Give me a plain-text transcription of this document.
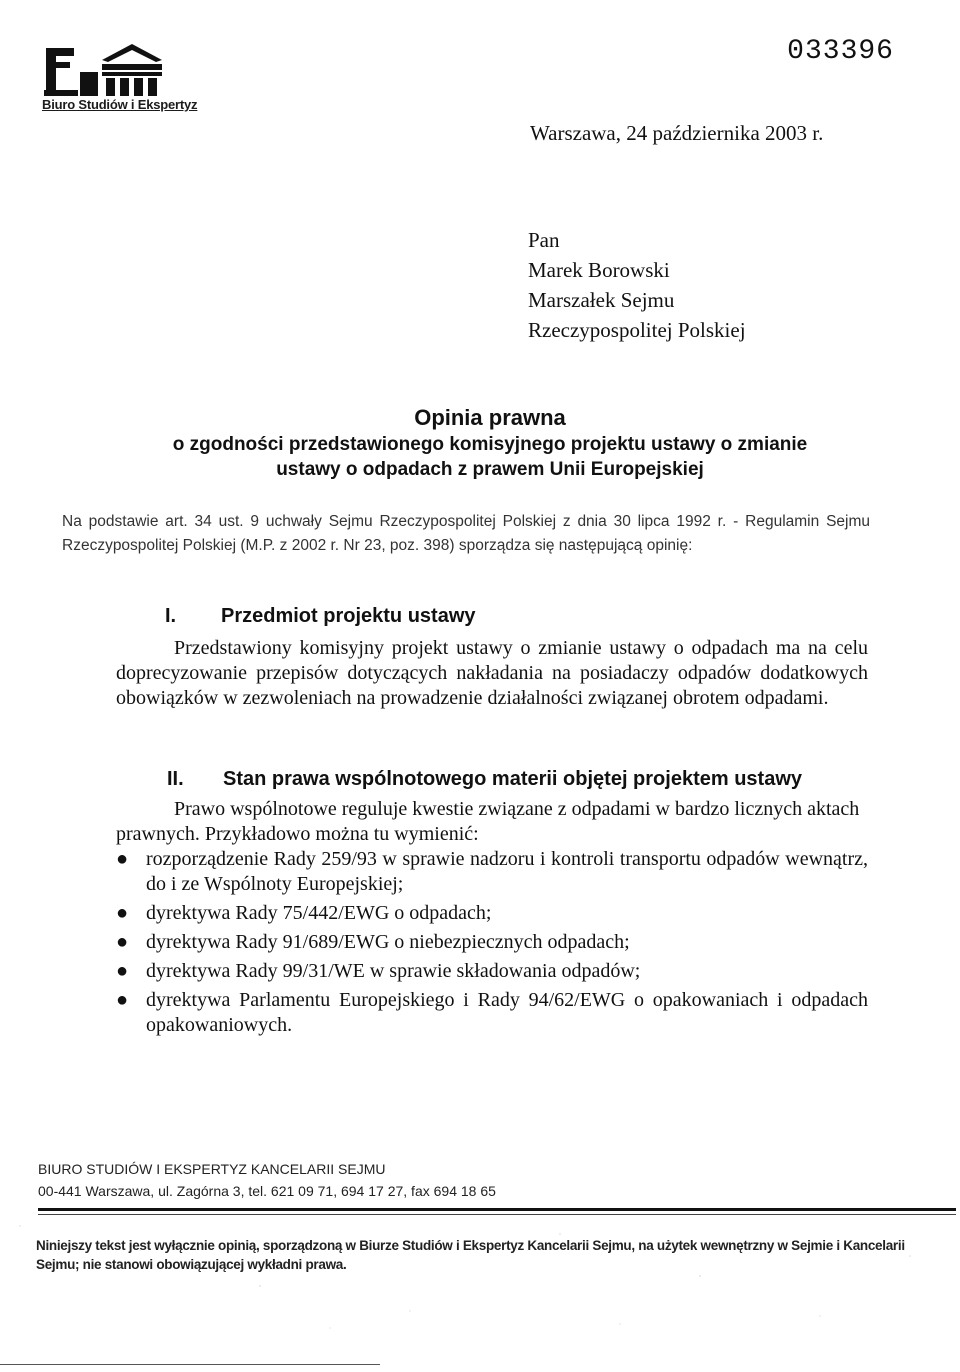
Biuro Studiów i Ekspertyz
033396
Warszawa, 24 października 2003 r.
Pan
Marek Borowski
Marszałek Sejmu
Rzeczypospolitej Polskiej
Opinia prawna
o zgodności przedstawionego komisyjnego projektu ustawy o zmianie ustawy o odpadach z prawem Unii Europejskiej
Na podstawie art. 34 ust. 9 uchwały Sejmu Rzeczypospolitej Polskiej z dnia 30 lipca 1992 r. - Regulamin Sejmu Rzeczypospolitej Polskiej (M.P. z 2002 r. Nr 23, poz. 398) sporządza się następującą opinię:
I. Przedmiot projektu ustawy
Przedstawiony komisyjny projekt ustawy o zmianie ustawy o odpadach ma na celu doprecyzowanie przepisów dotyczących nakładania na posiadaczy odpadów dodatkowych obowiązków w zezwoleniach na prowadzenie działalności związanej obrotem odpadami.
II. Stan prawa wspólnotowego materii objętej projektem ustawy
Prawo wspólnotowe reguluje kwestie związane z odpadami w bardzo licznych aktach prawnych. Przykładowo można tu wymienić:
● rozporządzenie Rady 259/93 w sprawie nadzoru i kontroli transportu odpadów wewnątrz, do i ze Wspólnoty Europejskiej;
● dyrektywa Rady 75/442/EWG o odpadach;
● dyrektywa Rady 91/689/EWG o niebezpiecznych odpadach;
● dyrektywa Rady 99/31/WE w sprawie składowania odpadów;
● dyrektywa Parlamentu Europejskiego i Rady 94/62/EWG o opakowaniach i odpadach opakowaniowych.
BIURO STUDIÓW I EKSPERTYZ KANCELARII SEJMU
00-441 Warszawa, ul. Zagórna 3, tel. 621 09 71, 694 17 27, fax 694 18 65
Niniejszy tekst jest wyłącznie opinią, sporządzoną w Biurze Studiów i Ekspertyz Kancelarii Sejmu, na użytek wewnętrzny w Sejmie i Kancelarii Sejmu; nie stanowi obowiązującej wykładni prawa.
